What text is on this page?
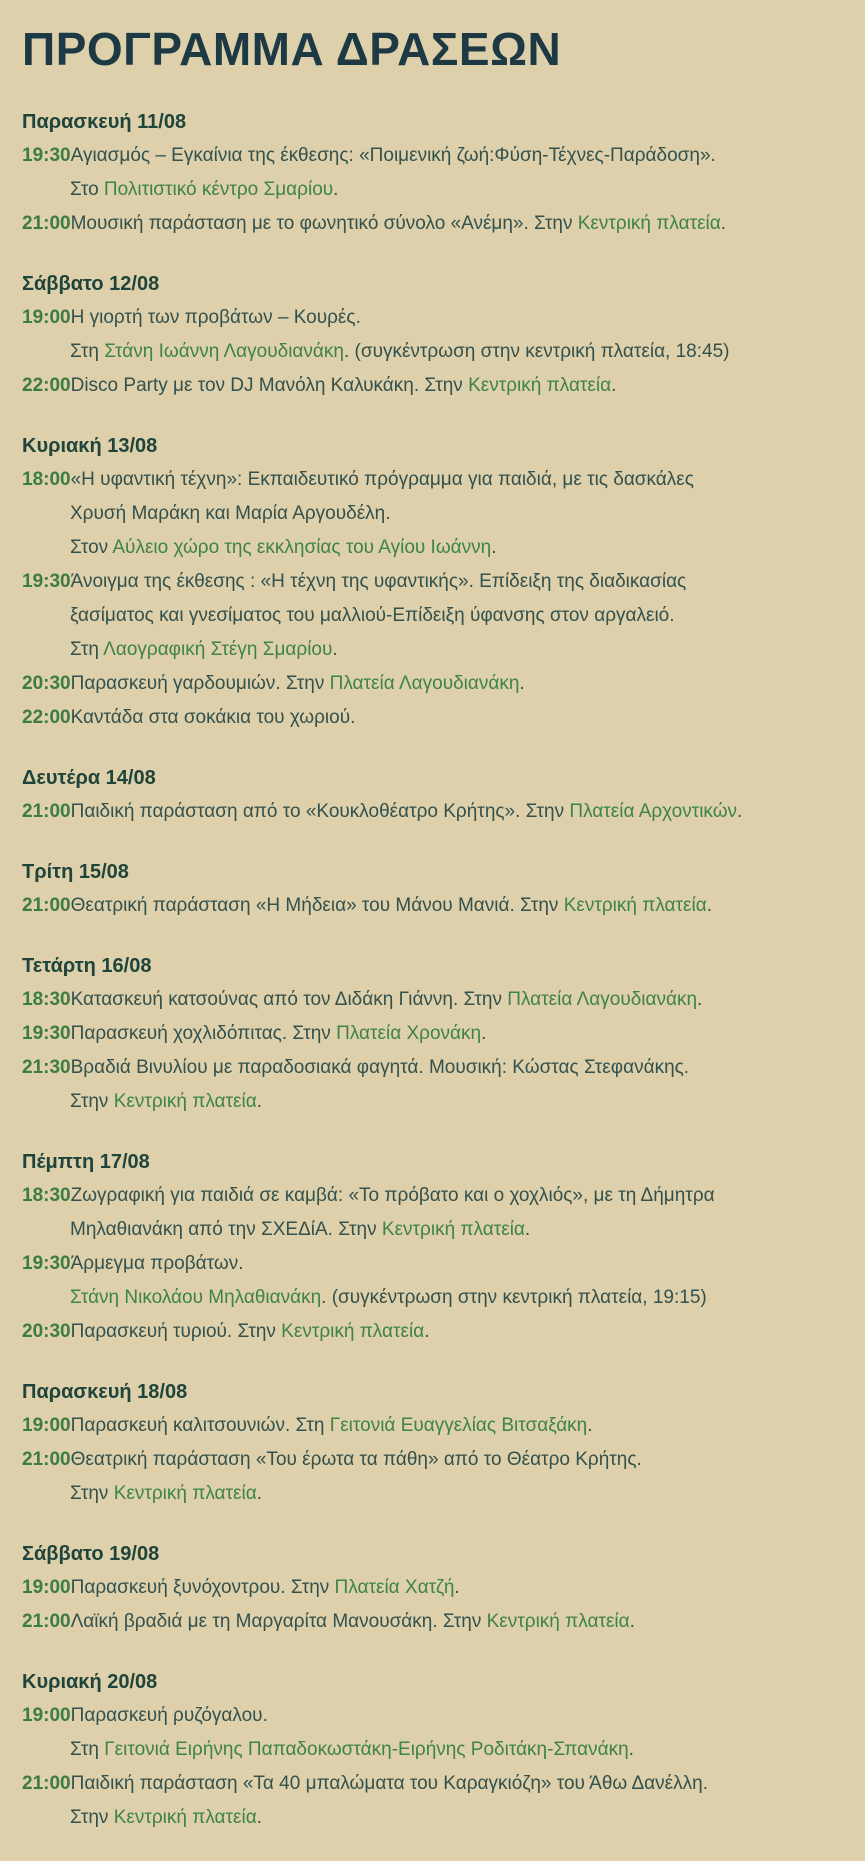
ΠΡΟΓΡΑΜΜΑ ΔΡΑΣΕΩΝ
Παρασκευή 11/08
19:30 Αγιασμός – Εγκαίνια της έκθεσης: «Ποιμενική ζωή:Φύση-Τέχνες-Παράδοση».
Στο Πολιτιστικό κέντρο Σμαρίου.
21:00 Μουσική παράσταση με το φωνητικό σύνολο «Ανέμη». Στην Κεντρική πλατεία.
Σάββατο 12/08
19:00 Η γιορτή των προβάτων – Κουρές.
Στη Στάνη Ιωάννη Λαγουδιανάκη. (συγκέντρωση στην κεντρική πλατεία, 18:45)
22:00 Disco Party με τον DJ Μανόλη Καλυκάκη. Στην Κεντρική πλατεία.
Κυριακή 13/08
18:00 «Η υφαντική τέχνη»: Εκπαιδευτικό πρόγραμμα για παιδιά, με τις δασκάλες
Χρυσή Μαράκη και Μαρία Αργουδέλη.
Στον Αύλειο χώρο της εκκλησίας του Αγίου Ιωάννη.
19:30 Άνοιγμα της έκθεσης : «Η τέχνη της υφαντικής». Επίδειξη της διαδικασίας
ξασίματος και γνεσίματος του μαλλιού-Επίδειξη ύφανσης στον αργαλειό.
Στη Λαογραφική Στέγη Σμαρίου.
20:30 Παρασκευή γαρδουμιών. Στην Πλατεία Λαγουδιανάκη.
22:00 Καντάδα στα σοκάκια του χωριού.
Δευτέρα 14/08
21:00 Παιδική παράσταση από το «Κουκλοθέατρο Κρήτης». Στην Πλατεία Αρχοντικών.
Τρίτη 15/08
21:00 Θεατρική παράσταση «Η Μήδεια» του Μάνου Μανιά. Στην Κεντρική πλατεία.
Τετάρτη 16/08
18:30 Κατασκευή κατσούνας από τον Διδάκη Γιάννη. Στην Πλατεία Λαγουδιανάκη.
19:30 Παρασκευή χοχλιδόπιτας. Στην Πλατεία Χρονάκη.
21:30 Βραδιά Βινυλίου με παραδοσιακά φαγητά. Μουσική: Κώστας Στεφανάκης.
Στην Κεντρική πλατεία.
Πέμπτη 17/08
18:30 Ζωγραφική για παιδιά σε καμβά: «Το πρόβατο και ο χοχλιός», με τη Δήμητρα
Μηλαθιανάκη από την ΣΧΕΔίΑ. Στην Κεντρική πλατεία.
19:30 Άρμεγμα προβάτων.
Στάνη Νικολάου Μηλαθιανάκη. (συγκέντρωση στην κεντρική πλατεία, 19:15)
20:30 Παρασκευή τυριού. Στην Κεντρική πλατεία.
Παρασκευή 18/08
19:00 Παρασκευή καλιτσουνιών. Στη Γειτονιά Ευαγγελίας Βιτσαξάκη.
21:00 Θεατρική παράσταση «Του έρωτα τα πάθη» από το Θέατρο Κρήτης.
Στην Κεντρική πλατεία.
Σάββατο 19/08
19:00 Παρασκευή ξυνόχοντρου. Στην Πλατεία Χατζή.
21:00 Λαϊκή βραδιά με τη Μαργαρίτα Μανουσάκη. Στην Κεντρική πλατεία.
Κυριακή 20/08
19:00 Παρασκευή ρυζόγαλου.
Στη Γειτονιά Ειρήνης Παπαδοκωστάκη-Ειρήνης Ροδιτάκη-Σπανάκη.
21:00 Παιδική παράσταση «Τα 40 μπαλώματα του Καραγκιόζη» του Άθω Δανέλλη.
Στην Κεντρική πλατεία.
